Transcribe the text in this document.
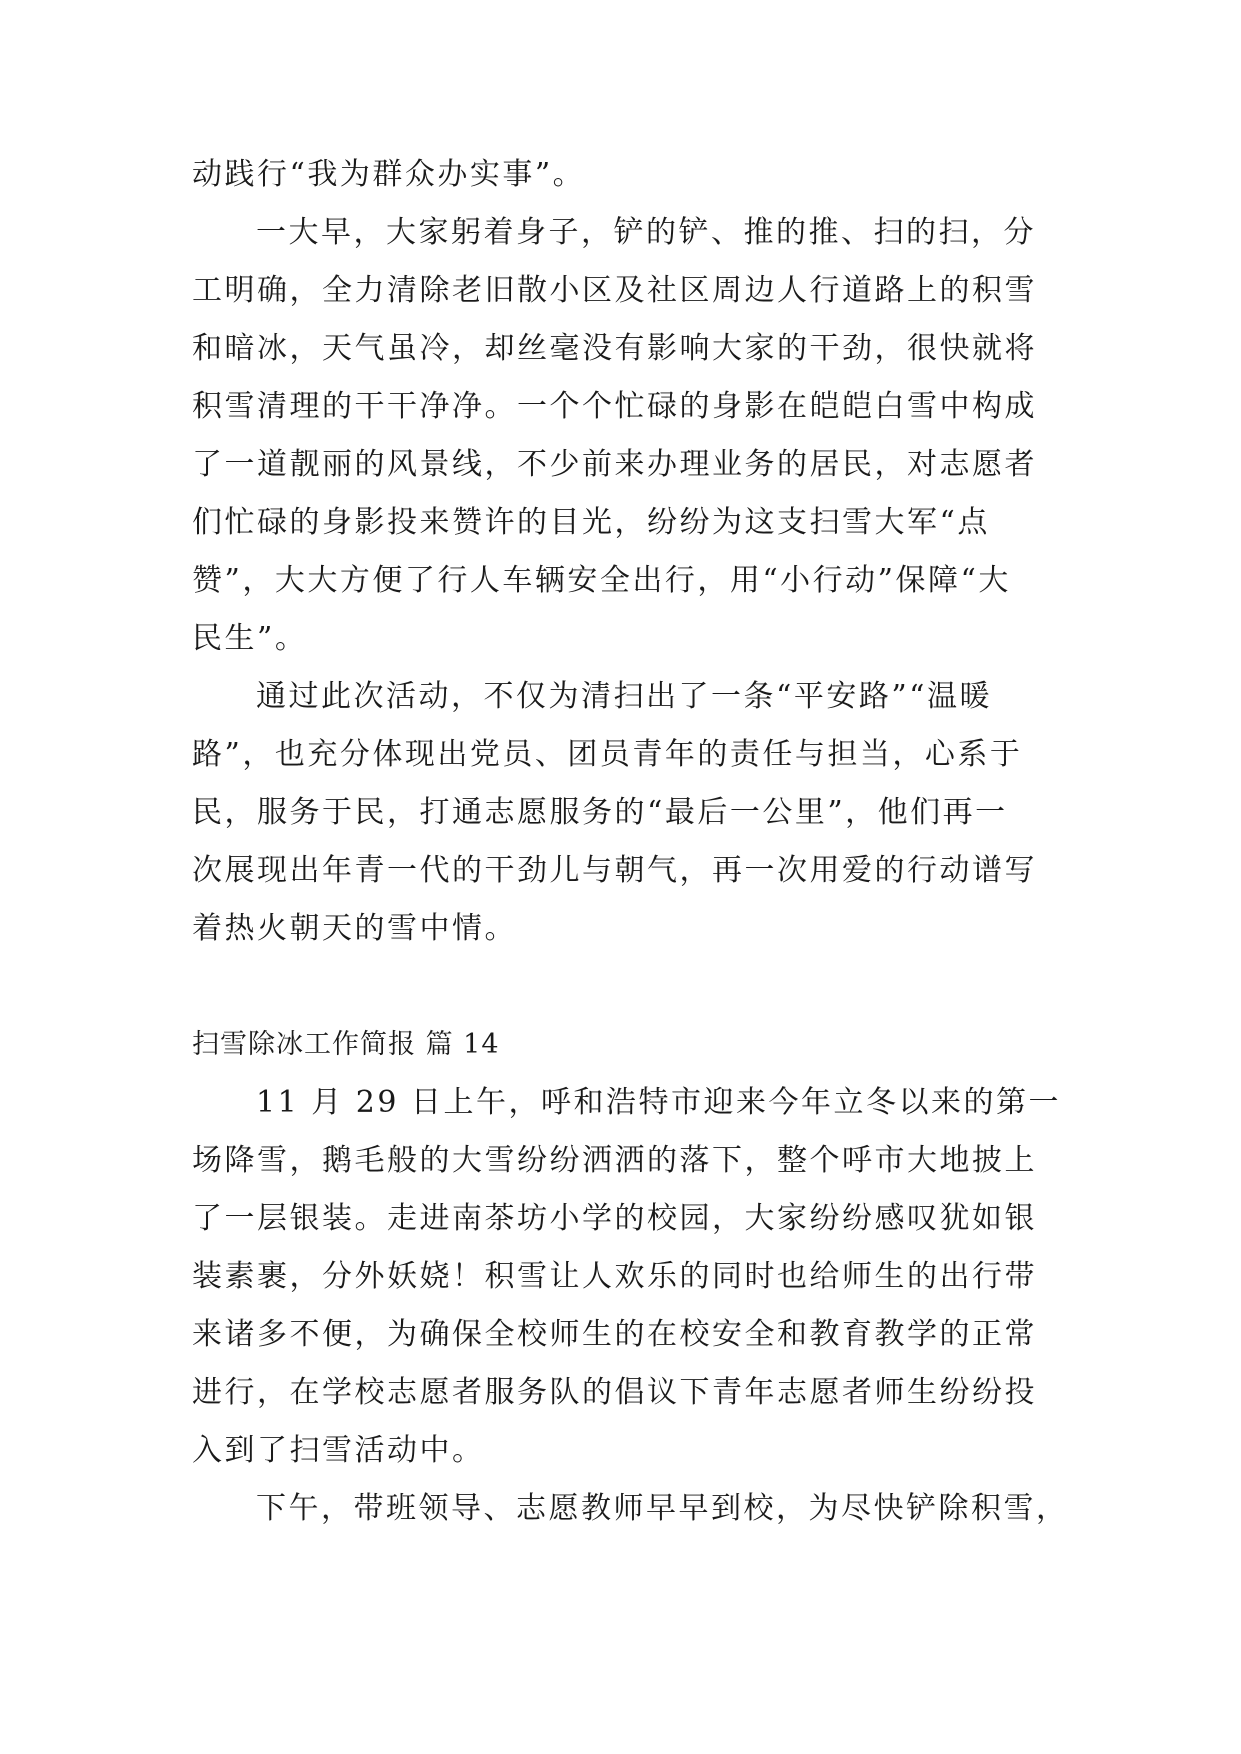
动践行“我为群众办实事”。
一大早，大家躬着身子，铲的铲、推的推、扫的扫，分
工明确，全力清除老旧散小区及社区周边人行道路上的积雪
和暗冰，天气虽冷，却丝毫没有影响大家的干劲，很快就将
积雪清理的干干净净。一个个忙碌的身影在皑皑白雪中构成
了一道靓丽的风景线，不少前来办理业务的居民，对志愿者
们忙碌的身影投来赞许的目光，纷纷为这支扫雪大军“点
赞”，大大方便了行人车辆安全出行，用“小行动”保障“大
民生”。
通过此次活动，不仅为清扫出了一条“平安路”“温暖
路”，也充分体现出党员、团员青年的责任与担当，心系于
民，服务于民，打通志愿服务的“最后一公里”，他们再一
次展现出年青一代的干劲儿与朝气，再一次用爱的行动谱写
着热火朝天的雪中情。
扫雪除冰工作简报 篇 14
11 月 29 日上午，呼和浩特市迎来今年立冬以来的第一
场降雪，鹅毛般的大雪纷纷洒洒的落下，整个呼市大地披上
了一层银装。走进南茶坊小学的校园，大家纷纷感叹犹如银
装素裹，分外妖娆！积雪让人欢乐的同时也给师生的出行带
来诸多不便，为确保全校师生的在校安全和教育教学的正常
进行，在学校志愿者服务队的倡议下青年志愿者师生纷纷投
入到了扫雪活动中。
下午，带班领导、志愿教师早早到校，为尽快铲除积雪，
